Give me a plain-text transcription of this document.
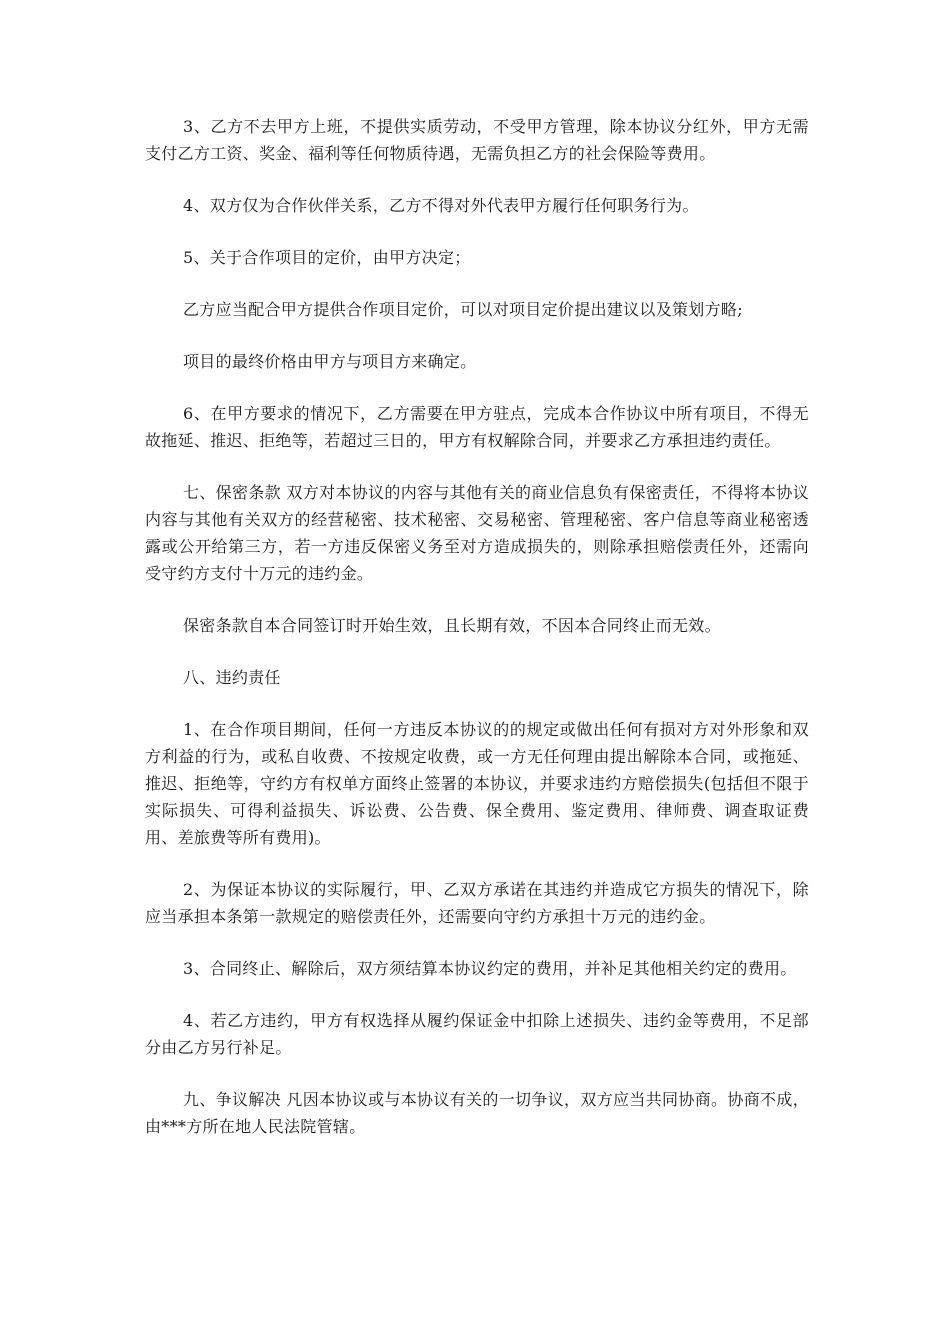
3、乙方不去甲方上班，不提供实质劳动，不受甲方管理，除本协议分红外，甲方无需支付乙方工资、奖金、福利等任何物质待遇，无需负担乙方的社会保险等费用。

4、双方仅为合作伙伴关系，乙方不得对外代表甲方履行任何职务行为。

5、关于合作项目的定价，由甲方决定；

乙方应当配合甲方提供合作项目定价，可以对项目定价提出建议以及策划方略;

项目的最终价格由甲方与项目方来确定。

6、在甲方要求的情况下，乙方需要在甲方驻点，完成本合作协议中所有项目，不得无故拖延、推迟、拒绝等，若超过三日的，甲方有权解除合同，并要求乙方承担违约责任。

七、保密条款 双方对本协议的内容与其他有关的商业信息负有保密责任，不得将本协议内容与其他有关双方的经营秘密、技术秘密、交易秘密、管理秘密、客户信息等商业秘密透露或公开给第三方，若一方违反保密义务至对方造成损失的，则除承担赔偿责任外，还需向受守约方支付十万元的违约金。

保密条款自本合同签订时开始生效，且长期有效，不因本合同终止而无效。

八、违约责任

1、在合作项目期间，任何一方违反本协议的的规定或做出任何有损对方对外形象和双方利益的行为，或私自收费、不按规定收费，或一方无任何理由提出解除本合同，或拖延、推迟、拒绝等，守约方有权单方面终止签署的本协议，并要求违约方赔偿损失(包括但不限于实际损失、可得利益损失、诉讼费、公告费、保全费用、鉴定费用、律师费、调查取证费用、差旅费等所有费用)。

2、为保证本协议的实际履行，甲、乙双方承诺在其违约并造成它方损失的情况下，除应当承担本条第一款规定的赔偿责任外，还需要向守约方承担十万元的违约金。

3、合同终止、解除后，双方须结算本协议约定的费用，并补足其他相关约定的费用。

4、若乙方违约，甲方有权选择从履约保证金中扣除上述损失、违约金等费用，不足部分由乙方另行补足。

九、争议解决 凡因本协议或与本协议有关的一切争议，双方应当共同协商。协商不成，由***方所在地人民法院管辖。
